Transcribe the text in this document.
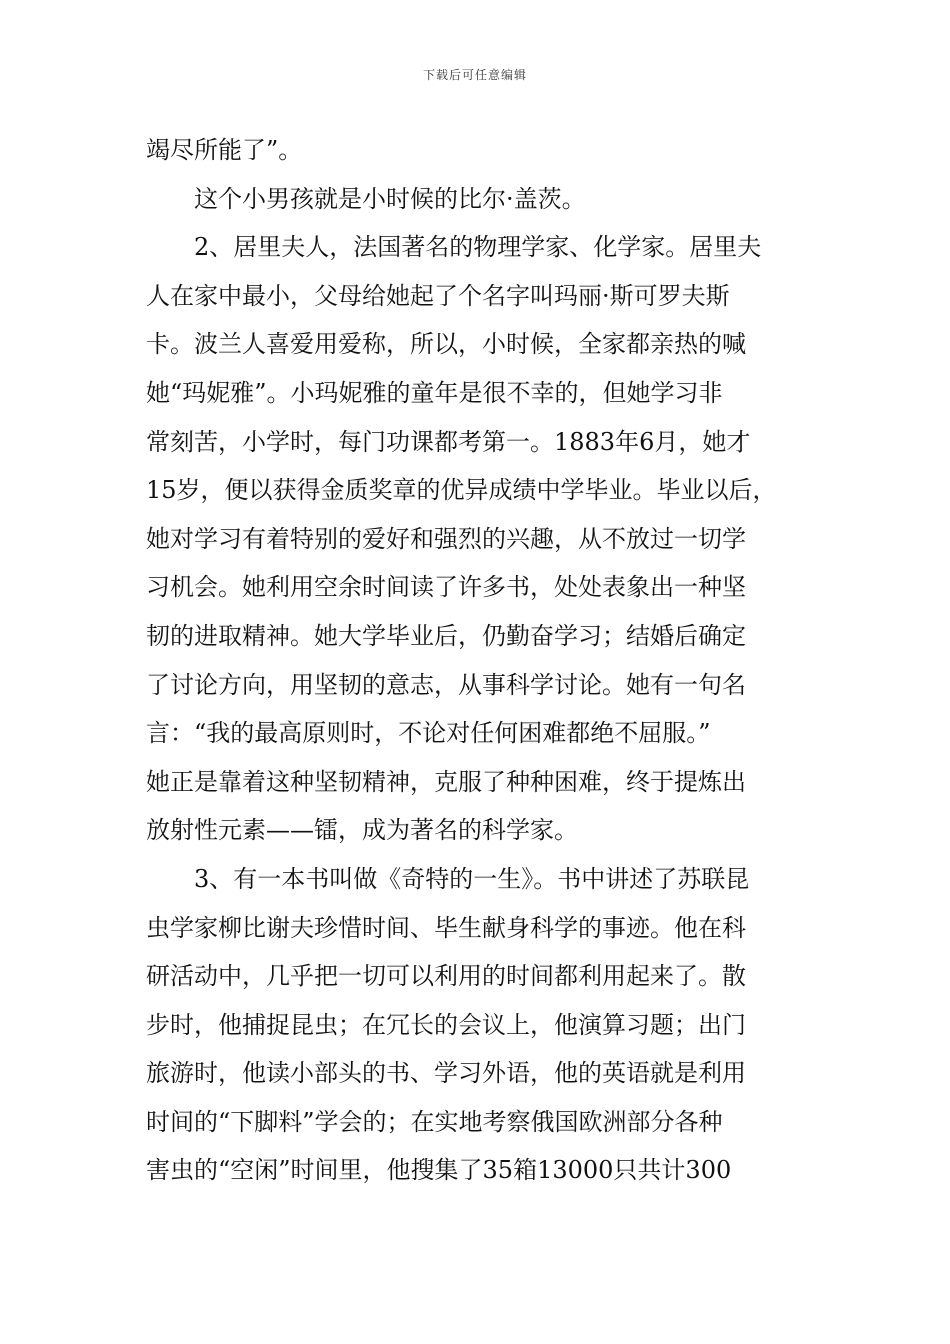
下载后可任意编辑
竭尽所能了”。
这个小男孩就是小时候的比尔·盖茨。
2、居里夫人，法国著名的物理学家、化学家。居里夫
人在家中最小，父母给她起了个名字叫玛丽·斯可罗夫斯
卡。波兰人喜爱用爱称，所以，小时候，全家都亲热的喊
她“玛妮雅”。小玛妮雅的童年是很不幸的，但她学习非
常刻苦，小学时，每门功课都考第一。1883年6月，她才
15岁，便以获得金质奖章的优异成绩中学毕业。毕业以后，
她对学习有着特别的爱好和强烈的兴趣，从不放过一切学
习机会。她利用空余时间读了许多书，处处表象出一种坚
韧的进取精神。她大学毕业后，仍勤奋学习；结婚后确定
了讨论方向，用坚韧的意志，从事科学讨论。她有一句名
言：“我的最高原则时，不论对任何困难都绝不屈服。”
她正是靠着这种坚韧精神，克服了种种困难，终于提炼出
放射性元素——镭，成为著名的科学家。
3、有一本书叫做《奇特的一生》。书中讲述了苏联昆
虫学家柳比谢夫珍惜时间、毕生献身科学的事迹。他在科
研活动中，几乎把一切可以利用的时间都利用起来了。散
步时，他捕捉昆虫；在冗长的会议上，他演算习题；出门
旅游时，他读小部头的书、学习外语，他的英语就是利用
时间的“下脚料”学会的；在实地考察俄国欧洲部分各种
害虫的“空闲”时间里，他搜集了35箱13000只共计300
